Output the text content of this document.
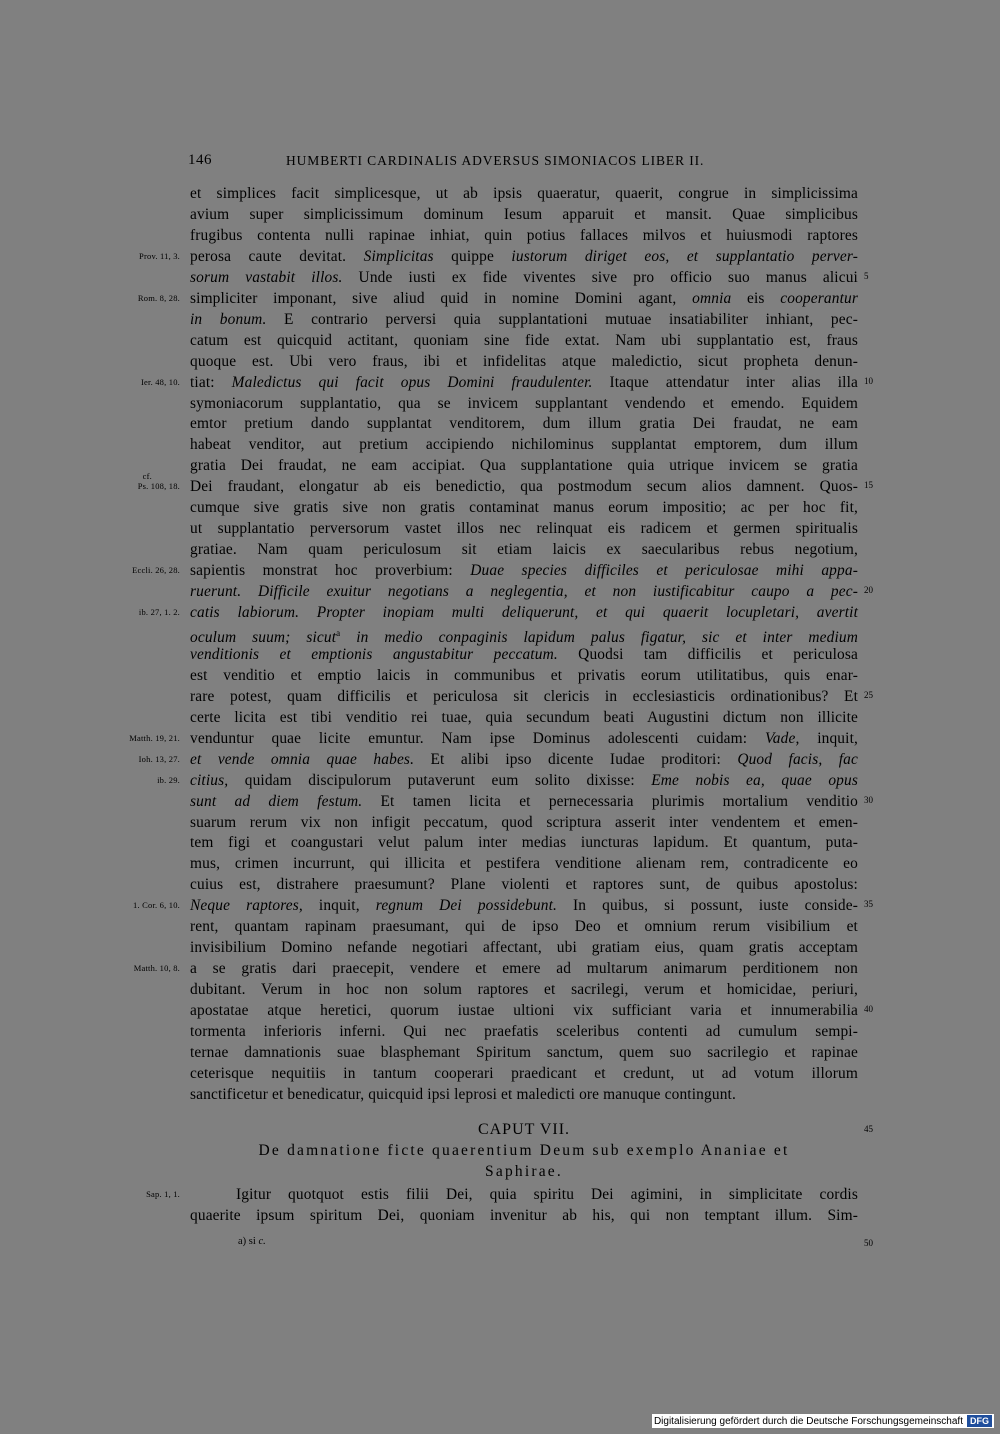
146	HUMBERTI CARDINALIS ADVERSUS SIMONIACOS LIBER II.
et simplices facit simplicesque, ut ab ipsis quaeratur, quaerit, congrue in simplicissima
avium super simplicissimum dominum Iesum apparuit et mansit. Quae simplicibus
frugibus contenta nulli rapinae inhiat, quin potius fallaces milvos et huiusmodi raptores
perosa caute devitat. Simplicitas quippe iustorum diriget eos, et supplantatio perver-
Prov. 11, 3.
sorum vastabit illos. Unde iusti ex fide viventes sive pro officio suo manus alicui 5
simpliciter imponant, sive aliud quid in nomine Domini agant, omnia eis cooperantur
Rom. 8, 28.
in bonum. E contrario perversi quia supplantationi mutuae insatiabiliter inhiant, pec-
catum est quicquid actitant, quoniam sine fide extat. Nam ubi supplantatio est, fraus
quoque est. Ubi vero fraus, ibi et infidelitas atque maledictio, sicut propheta denun-
tiat: Maledictus qui facit opus Domini fraudulenter. Itaque attendatur inter alias illa
Ier. 48, 10.	10
symoniacorum supplantatio, qua se invicem supplantant vendendo et emendo. Equidem
emtor pretium dando supplantat venditorem, dum illum gratia Dei fraudat, ne eam
habeat venditor, aut pretium accipiendo nichilominus supplantat emptorem, dum illum
gratia Dei fraudat, ne eam accipiat. Qua supplantatione quia utrique invicem se gratia
Dei fraudant, elongatur ab eis benedictio, qua postmodum secum alios damnent. Quos-
Ps. 108, 18.
cf.
15
cumque sive gratis sive non gratis contaminat manus eorum impositio; ac per hoc fit,
ut supplantatio perversorum vastet illos nec relinquat eis radicem et germen spiritualis
gratiae. Nam quam periculosum sit etiam laicis ex saecularibus rebus negotium,
sapientis monstrat hoc proverbium: Duae species difficiles et periculosae mihi appa-
Eccli. 26, 28.
ruerunt. Difficile exuitur negotians a neglegentia, et non iustificabitur caupo a pec- 20
catis labiorum. Propter inopiam multi deliquerunt, et qui quaerit locupletari, avertit
ib. 27, 1. 2.
oculum suum; sicut$^a$ in medio conpaginis lapidum palus figatur, sic et inter medium
venditionis et emptionis angustabitur peccatum. Quodsi tam difficilis et periculosa
est venditio et emptio laicis in communibus et privatis eorum utilitatibus, quis enar-
rare potest, quam difficilis et periculosa sit clericis in ecclesiasticis ordinationibus? Et 25
certe licita est tibi venditio rei tuae, quia secundum beati Augustini dictum non illicite
venduntur quae licite emuntur. Nam ipse Dominus adolescenti cuidam: Vade, inquit,
Matth. 19, 21.
et vende omnia quae habes. Et alibi ipso dicente Iudae proditori: Quod facis, fac
Ioh. 13, 27.
citius, quidam discipulorum putaverunt eum solito dixisse: Eme nobis ea, quae opus
ib. 29.
sunt ad diem festum. Et tamen licita et pernecessaria plurimis mortalium venditio 30
suarum rerum vix non infigit peccatum, quod scriptura asserit inter vendentem et emen-
tem figi et coangustari velut palum inter medias iuncturas lapidum. Et quantum, puta-
mus, crimen incurrunt, qui illicita et pestifera venditione alienam rem, contradicente eo
cuius est, distrahere praesumunt? Plane violenti et raptores sunt, de quibus apostolus:
Neque raptores, inquit, regnum Dei possidebunt. In quibus, si possunt, iuste conside-
1. Cor. 6, 10.	35
rent, quantam rapinam praesumant, qui de ipso Deo et omnium rerum visibilium et
invisibilium Domino nefande negotiari affectant, ubi gratiam eius, quam gratis acceptam
a se gratis dari praecepit, vendere et emere ad multarum animarum perditionem non
Matth. 10, 8.
dubitant. Verum in hoc non solum raptores et sacrilegi, verum et homicidae, periuri,
apostatae atque heretici, quorum iustae ultioni vix sufficiant varia et innumerabilia 40
tormenta inferioris inferni. Qui nec praefatis sceleribus contenti ad cumulum sempi-
ternae damnationis suae blasphemant Spiritum sanctum, quem suo sacrilegio et rapinae
ceterisque nequitiis in tantum cooperari praedicant et credunt, ut ad votum illorum
sanctificetur et benedicatur, quicquid ipsi leprosi et maledicti ore manuque contingunt.
CAPUT VII.	45
De damnatione ficte quaerentium Deum sub exemplo Ananiae et
Saphirae.
Igitur quotquot estis filii Dei, quia spiritu Dei agimini, in simplicitate cordis
Sap. 1, 1.
quaerite ipsum spiritum Dei, quoniam invenitur ab his, qui non temptant illum. Sim-
a) si c.	50
Digitalisierung gefördert durch die Deutsche Forschungsgemeinschaft DFG
